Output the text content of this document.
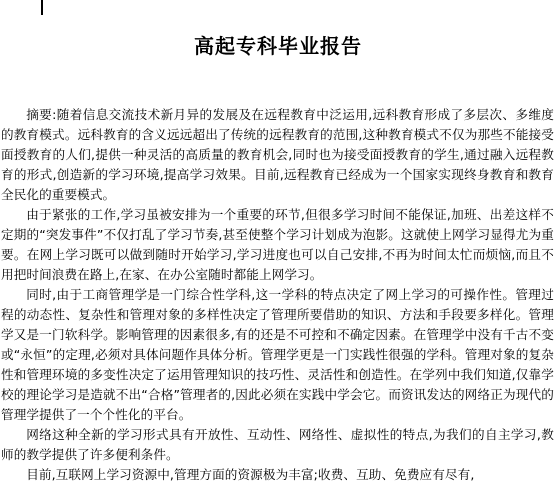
高起专科毕业报告

摘要:随着信息交流技术新月异的发展及在远程教育中泛运用,远科教育形成了多层次、多维度的教育模式。远科教育的含义远远超出了传统的远程教育的范围,这种教育模式不仅为那些不能接受面授教育的人们,提供一种灵活的高质量的教育机会,同时也为接受面授教育的学生,通过融入远程教育的形式,创造新的学习环境,提高学习效果。目前,远程教育已经成为一个国家实现终身教育和教育全民化的重要模式。

由于紧张的工作,学习虽被安排为一个重要的环节,但很多学习时间不能保证,加班、出差这样不定期的“突发事件”不仅打乱了学习节奏,甚至使整个学习计划成为泡影。这就使上网学习显得尤为重要。在网上学习既可以做到随时开始学习,学习进度也可以自己安排,不再为时间太忙而烦恼,而且不用把时间浪费在路上,在家、在办公室随时都能上网学习。

同时,由于工商管理学是一门综合性学科,这一学科的特点决定了网上学习的可操作性。管理过程的动态性、复杂性和管理对象的多样性决定了管理所要借助的知识、方法和手段要多样化。管理学又是一门软科学。影响管理的因素很多,有的还是不可控和不确定因素。在管理学中没有千古不变或“永恒”的定理,必须对具体问题作具体分析。管理学更是一门实践性很强的学科。管理对象的复杂性和管理环境的多变性决定了运用管理知识的技巧性、灵活性和创造性。在学列中我们知道,仅靠学校的理论学习是造就不出“合格”管理者的,因此必须在实践中学会它。而资讯发达的网络正为现代的管理学提供了一个个性化的平台。

网络这种全新的学习形式具有开放性、互动性、网络性、虚拟性的特点,为我们的自主学习,教师的教学提供了许多便利条件。

目前,互联网上学习资源中,管理方面的资源极为丰富;收费、互助、免费应有尽有,
